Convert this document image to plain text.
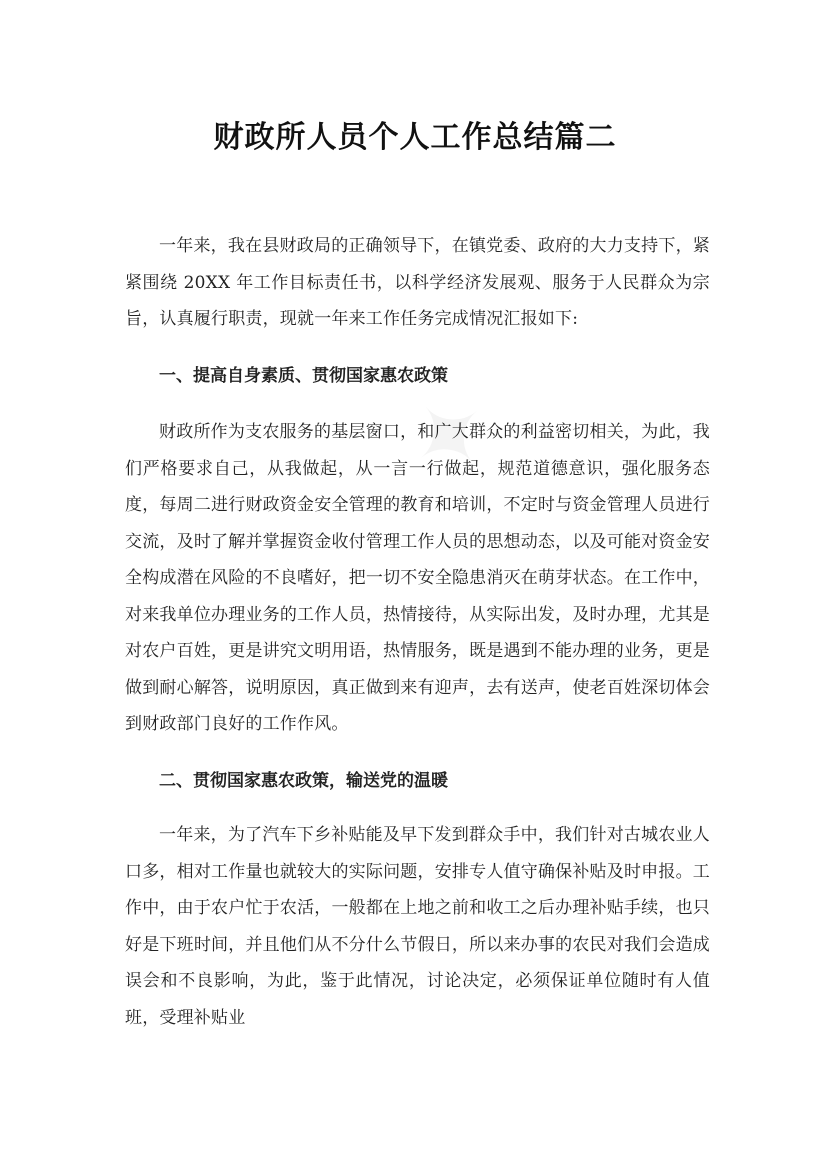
✦
财政所人员个人工作总结篇二

一年来，我在县财政局的正确领导下，在镇党委、政府的大力支持下，紧紧围绕 20XX 年工作目标责任书，以科学经济发展观、服务于人民群众为宗旨，认真履行职责，现就一年来工作任务完成情况汇报如下:

一、提高自身素质、贯彻国家惠农政策

财政所作为支农服务的基层窗口，和广大群众的利益密切相关，为此，我们严格要求自己，从我做起，从一言一行做起，规范道德意识，强化服务态度，每周二进行财政资金安全管理的教育和培训，不定时与资金管理人员进行交流，及时了解并掌握资金收付管理工作人员的思想动态，以及可能对资金安全构成潜在风险的不良嗜好，把一切不安全隐患消灭在萌芽状态。在工作中，对来我单位办理业务的工作人员，热情接待，从实际出发，及时办理，尤其是对农户百姓，更是讲究文明用语，热情服务，既是遇到不能办理的业务，更是做到耐心解答，说明原因，真正做到来有迎声，去有送声，使老百姓深切体会到财政部门良好的工作作风。

二、贯彻国家惠农政策，输送党的温暖

一年来，为了汽车下乡补贴能及早下发到群众手中，我们针对古城农业人口多，相对工作量也就较大的实际问题，安排专人值守确保补贴及时申报。工作中，由于农户忙于农活，一般都在上地之前和收工之后办理补贴手续，也只好是下班时间，并且他们从不分什么节假日，所以来办事的农民对我们会造成误会和不良影响，为此，鉴于此情况，讨论决定，必须保证单位随时有人值班，受理补贴业
